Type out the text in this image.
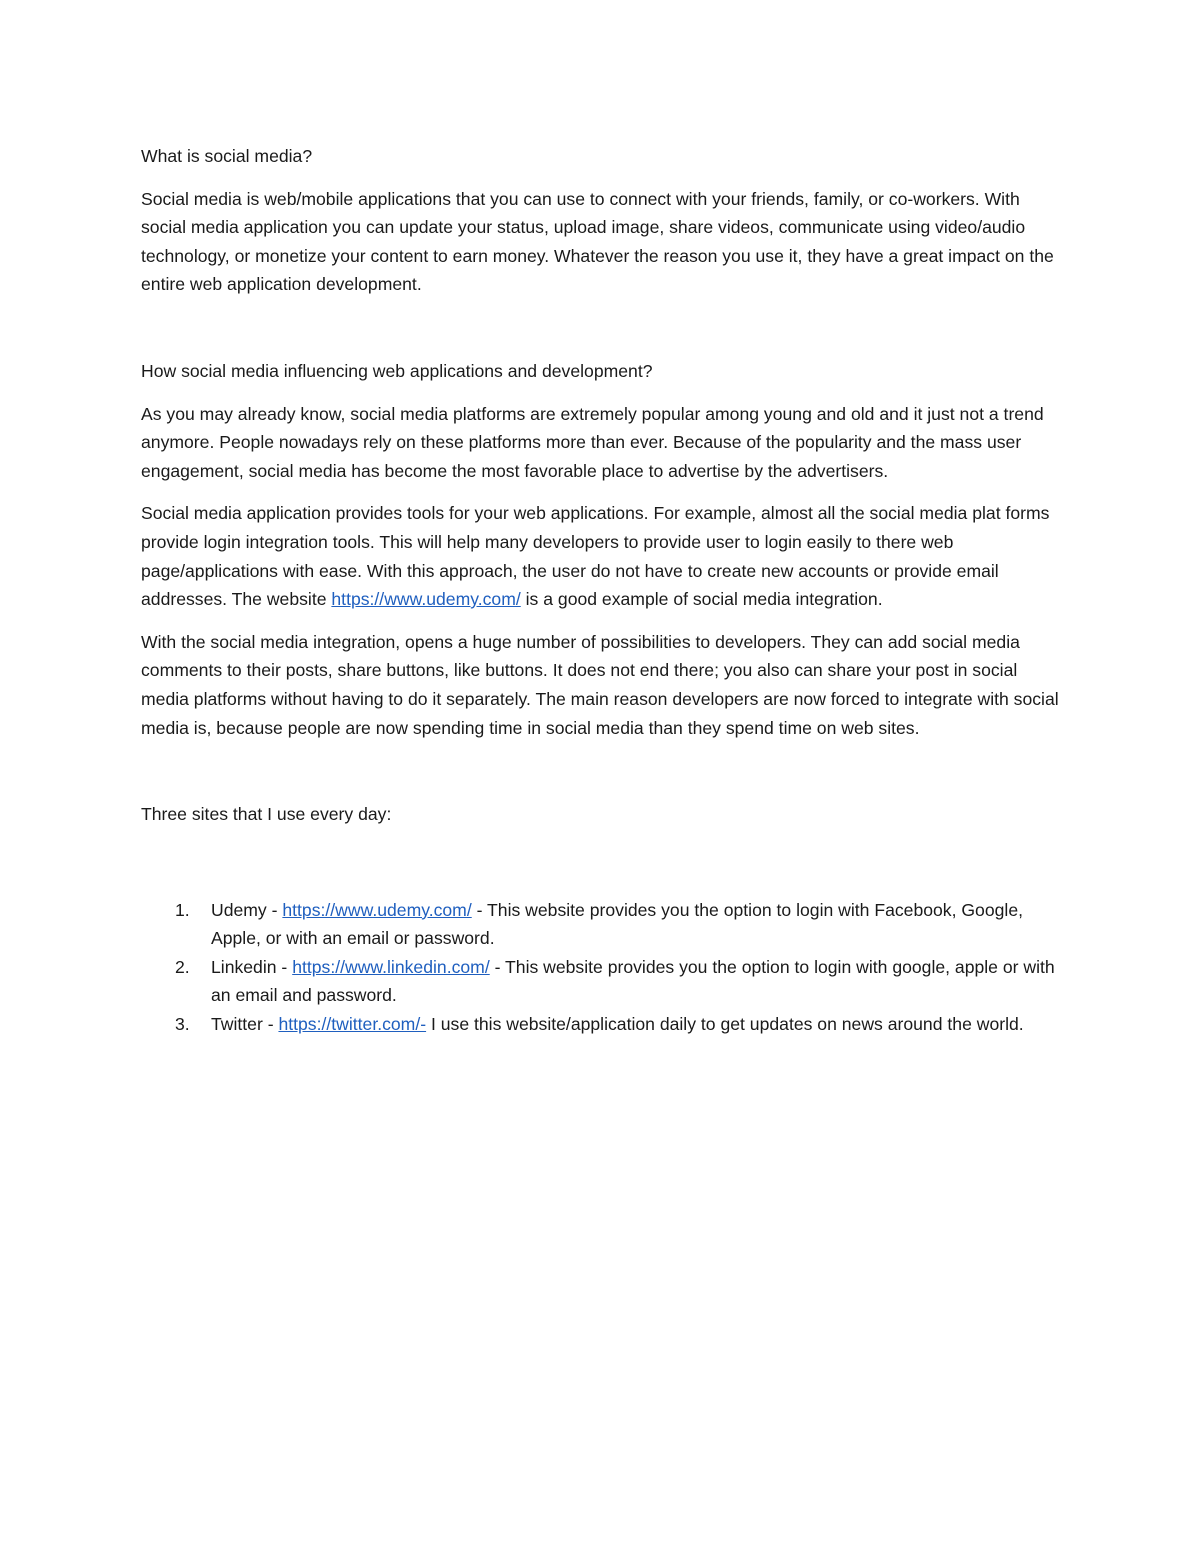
What is social media?

Social media is web/mobile applications that you can use to connect with your friends, family, or co-workers. With social media application you can update your status, upload image, share videos, communicate using video/audio technology, or monetize your content to earn money. Whatever the reason you use it, they have a great impact on the entire web application development.

How social media influencing web applications and development?

As you may already know, social media platforms are extremely popular among young and old and it just not a trend anymore. People nowadays rely on these platforms more than ever. Because of the popularity and the mass user engagement, social media has become the most favorable place to advertise by the advertisers.

Social media application provides tools for your web applications. For example, almost all the social media plat forms provide login integration tools. This will help many developers to provide user to login easily to there web page/applications with ease. With this approach, the user do not have to create new accounts or provide email addresses. The website https://www.udemy.com/ is a good example of social media integration.

With the social media integration, opens a huge number of possibilities to developers. They can add social media comments to their posts, share buttons, like buttons. It does not end there; you also can share your post in social media platforms without having to do it separately. The main reason developers are now forced to integrate with social media is, because people are now spending time in social media than they spend time on web sites.

Three sites that I use every day:

1. Udemy - https://www.udemy.com/ - This website provides you the option to login with Facebook, Google, Apple, or with an email or password.
2. Linkedin - https://www.linkedin.com/ - This website provides you the option to login with google, apple or with an email and password.
3. Twitter - https://twitter.com/- I use this website/application daily to get updates on news around the world.
